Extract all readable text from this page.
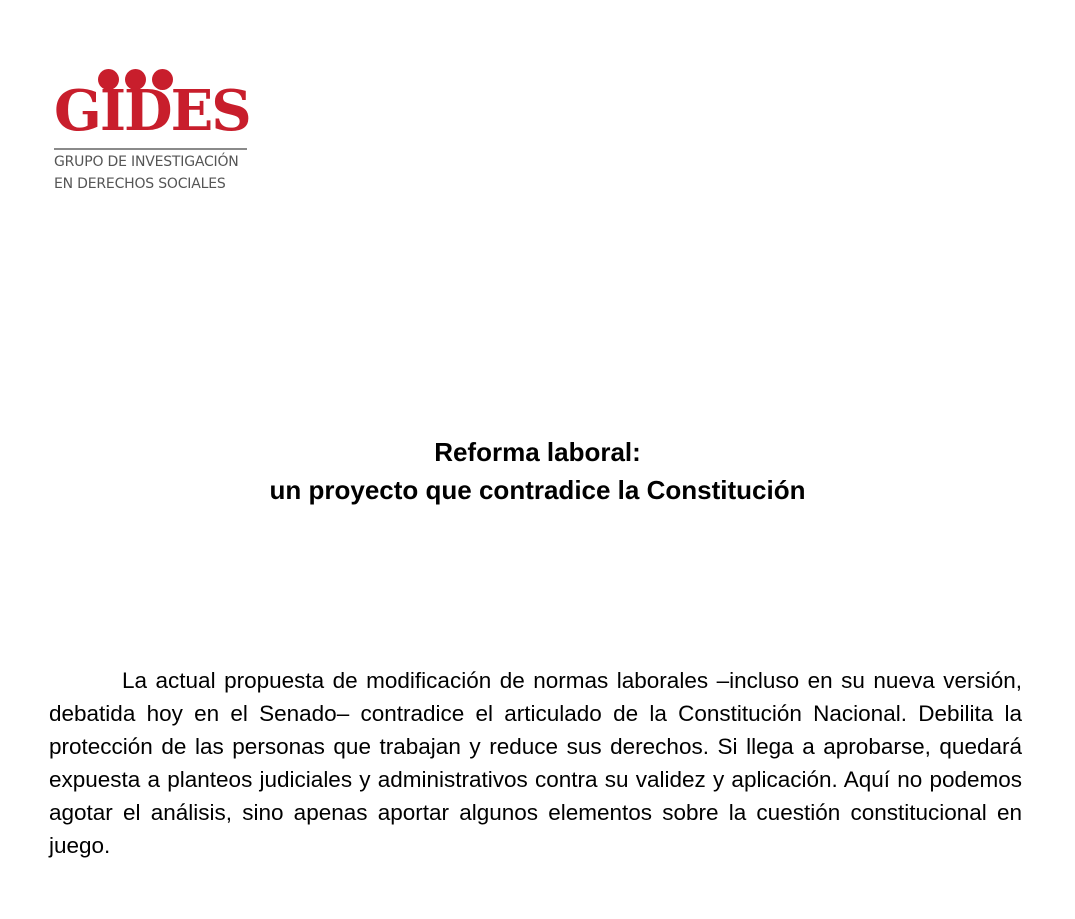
GIDES
GRUPO DE INVESTIGACIÓN
EN DERECHOS SOCIALES
Reforma laboral:
un proyecto que contradice la Constitución

La actual propuesta de modificación de normas laborales –incluso en su nueva versión, debatida hoy en el Senado– contradice el articulado de la Constitución Nacional. Debilita la protección de las personas que trabajan y reduce sus derechos. Si llega a aprobarse, quedará expuesta a planteos judiciales y administrativos contra su validez y aplicación. Aquí no podemos agotar el análisis, sino apenas aportar algunos elementos sobre la cuestión constitucional en juego.
